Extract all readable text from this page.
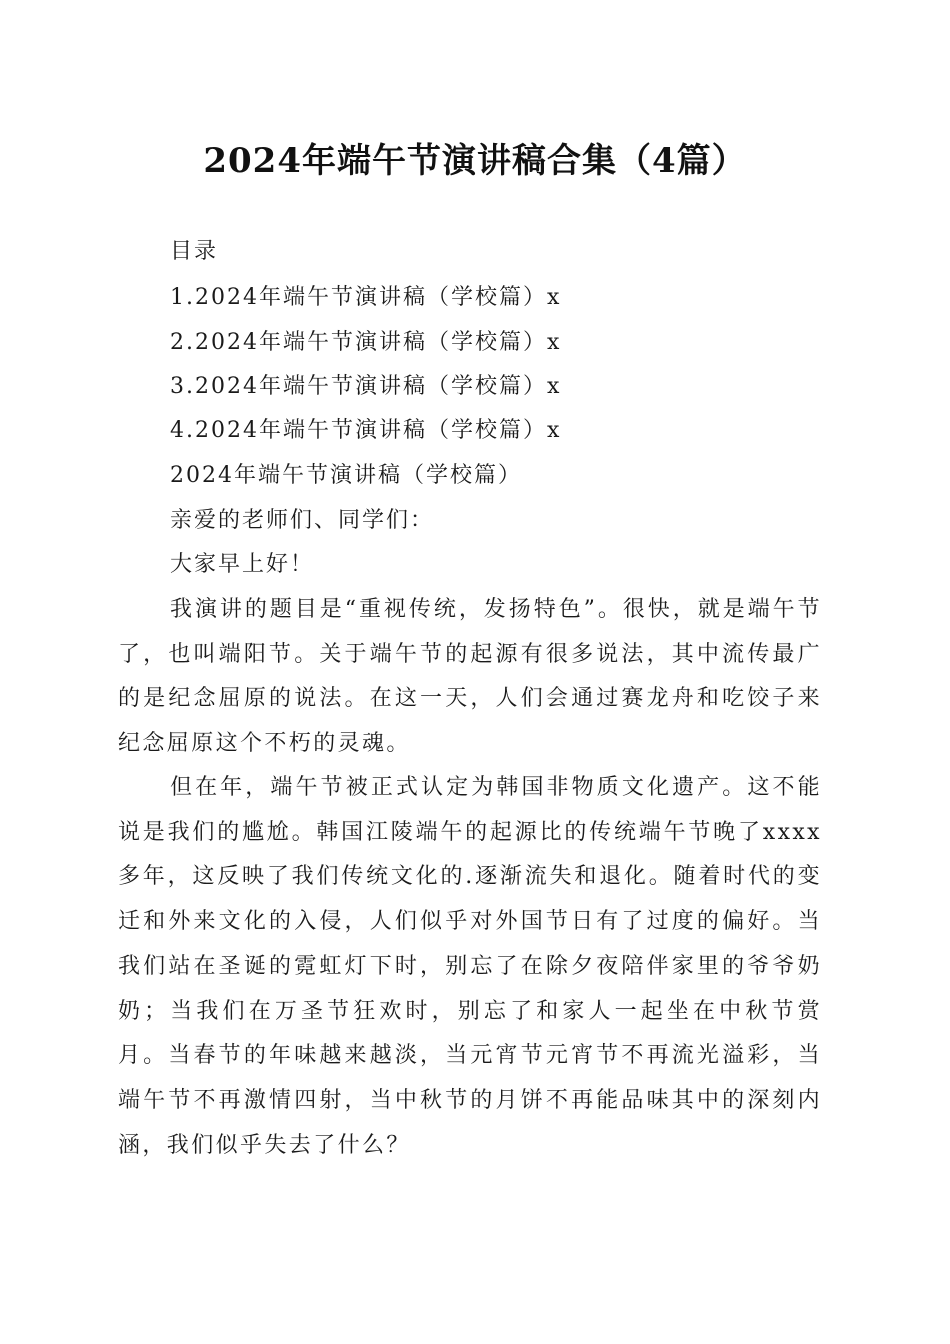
2024年端午节演讲稿合集（4篇）
目录
1.2024年端午节演讲稿（学校篇）x
2.2024年端午节演讲稿（学校篇）x
3.2024年端午节演讲稿（学校篇）x
4.2024年端午节演讲稿（学校篇）x
2024年端午节演讲稿（学校篇）
亲爱的老师们、同学们：
大家早上好！
我演讲的题目是“重视传统，发扬特色”。很快，就是端午节了，也叫端阳节。关于端午节的起源有很多说法，其中流传最广的是纪念屈原的说法。在这一天，人们会通过赛龙舟和吃饺子来纪念屈原这个不朽的灵魂。
但在年，端午节被正式认定为韩国非物质文化遗产。这不能说是我们的尴尬。韩国江陵端午的起源比的传统端午节晚了xxxx多年，这反映了我们传统文化的.逐渐流失和退化。随着时代的变迁和外来文化的入侵，人们似乎对外国节日有了过度的偏好。当我们站在圣诞的霓虹灯下时，别忘了在除夕夜陪伴家里的爷爷奶奶；当我们在万圣节狂欢时，别忘了和家人一起坐在中秋节赏月。当春节的年味越来越淡，当元宵节元宵节不再流光溢彩，当端午节不再激情四射，当中秋节的月饼不再能品味其中的深刻内涵，我们似乎失去了什么？
